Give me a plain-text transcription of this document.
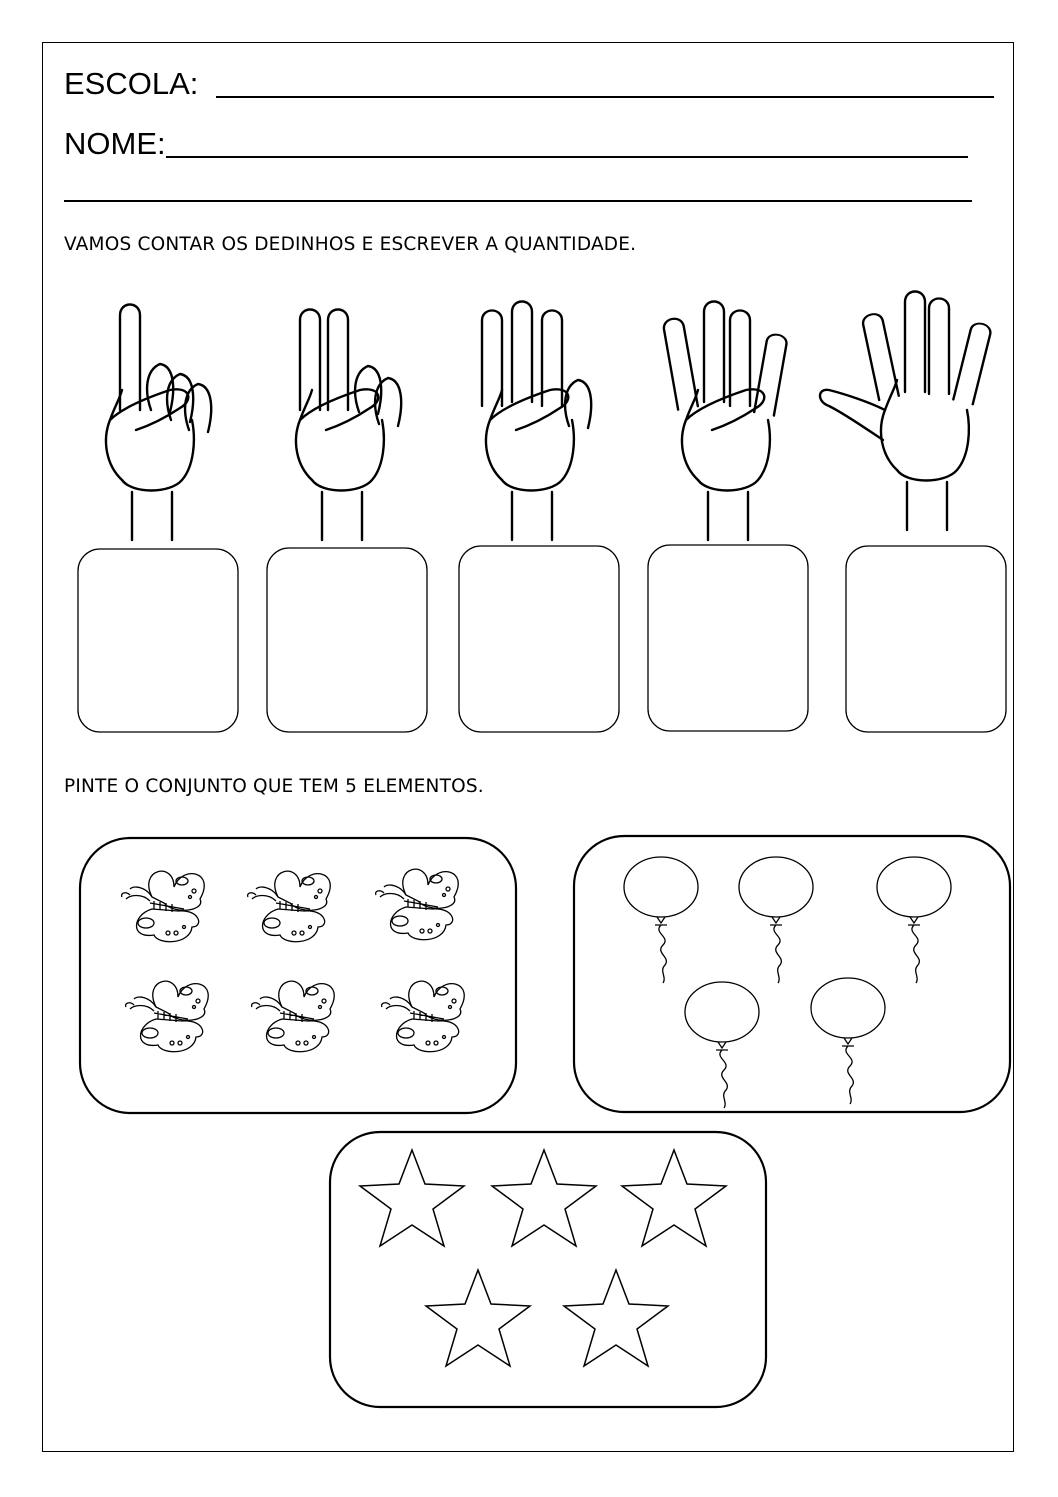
ESCOLA:
NOME:
VAMOS CONTAR OS DEDINHOS E ESCREVER A QUANTIDADE.
PINTE O CONJUNTO QUE TEM 5 ELEMENTOS.
